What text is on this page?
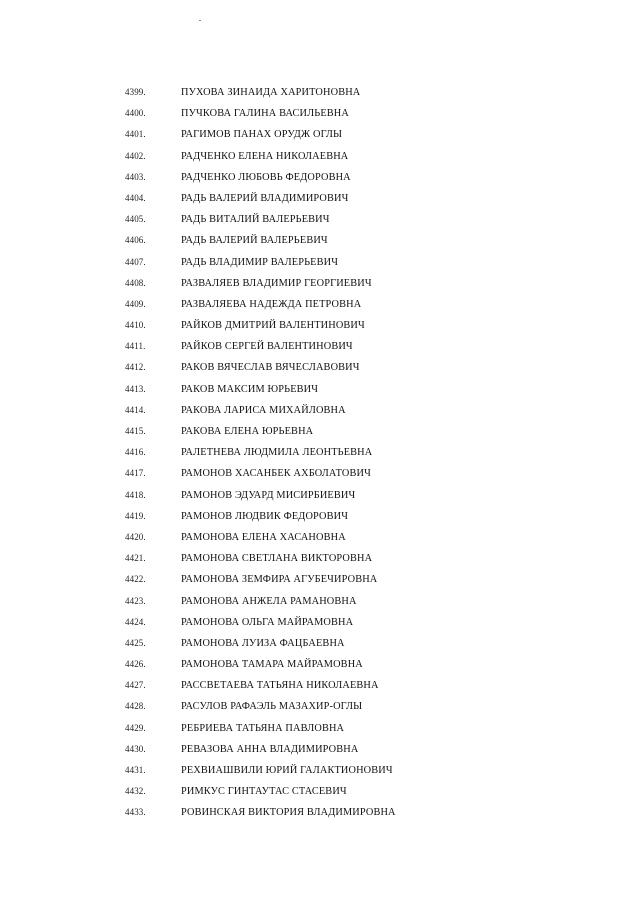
4399.	ПУХОВА ЗИНАИДА ХАРИТОНОВНА
4400.	ПУЧКОВА ГАЛИНА ВАСИЛЬЕВНА
4401.	РАГИМОВ ПАНАХ ОРУДЖ ОГЛЫ
4402.	РАДЧЕНКО ЕЛЕНА НИКОЛАЕВНА
4403.	РАДЧЕНКО ЛЮБОВЬ ФЕДОРОВНА
4404.	РАДЬ ВАЛЕРИЙ ВЛАДИМИРОВИЧ
4405.	РАДЬ ВИТАЛИЙ ВАЛЕРЬЕВИЧ
4406.	РАДЬ ВАЛЕРИЙ ВАЛЕРЬЕВИЧ
4407.	РАДЬ ВЛАДИМИР ВАЛЕРЬЕВИЧ
4408.	РАЗВАЛЯЕВ ВЛАДИМИР ГЕОРГИЕВИЧ
4409.	РАЗВАЛЯЕВА НАДЕЖДА ПЕТРОВНА
4410.	РАЙКОВ ДМИТРИЙ ВАЛЕНТИНОВИЧ
4411.	РАЙКОВ СЕРГЕЙ ВАЛЕНТИНОВИЧ
4412.	РАКОВ ВЯЧЕСЛАВ ВЯЧЕСЛАВОВИЧ
4413.	РАКОВ МАКСИМ ЮРЬЕВИЧ
4414.	РАКОВА ЛАРИСА МИХАЙЛОВНА
4415.	РАКОВА ЕЛЕНА ЮРЬЕВНА
4416.	РАЛЕТНЕВА ЛЮДМИЛА ЛЕОНТЬЕВНА
4417.	РАМОНОВ ХАСАНБЕК АХБОЛАТОВИЧ
4418.	РАМОНОВ ЭДУАРД МИСИРБИЕВИЧ
4419.	РАМОНОВ ЛЮДВИК ФЕДОРОВИЧ
4420.	РАМОНОВА ЕЛЕНА ХАСАНОВНА
4421.	РАМОНОВА СВЕТЛАНА ВИКТОРОВНА
4422.	РАМОНОВА ЗЕМФИРА АГУБЕЧИРОВНА
4423.	РАМОНОВА АНЖЕЛА РАМАНОВНА
4424.	РАМОНОВА ОЛЬГА МАЙРАМОВНА
4425.	РАМОНОВА ЛУИЗА ФАЦБАЕВНА
4426.	РАМОНОВА ТАМАРА МАЙРАМОВНА
4427.	РАССВЕТАЕВА ТАТЬЯНА НИКОЛАЕВНА
4428.	РАСУЛОВ РАФАЭЛЬ МАЗАХИР-ОГЛЫ
4429.	РЕБРИЕВА ТАТЬЯНА ПАВЛОВНА
4430.	РЕВАЗОВА АННА ВЛАДИМИРОВНА
4431.	РЕХВИАШВИЛИ ЮРИЙ ГАЛАКТИОНОВИЧ
4432.	РИМКУС ГИНТАУТАС СТАСЕВИЧ
4433.	РОВИНСКАЯ ВИКТОРИЯ ВЛАДИМИРОВНА
